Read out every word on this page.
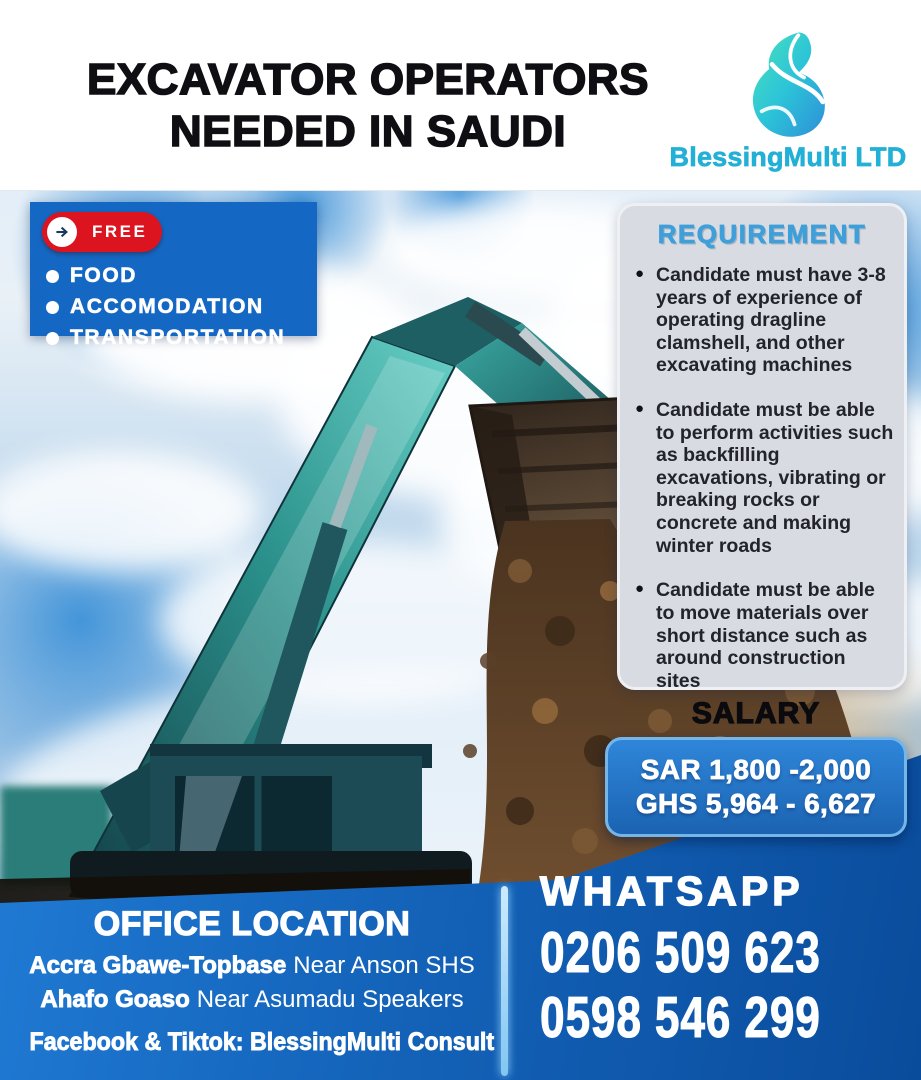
EXCAVATOR OPERATORS
NEEDED IN SAUDI
BlessingMulti LTD
FREE
FOOD
ACCOMODATION
TRANSPORTATION
REQUIREMENT
● Candidate must have 3-8 years of experience of operating dragline clamshell, and other excavating machines
● Candidate must be able to perform activities such as backfilling excavations, vibrating or breaking rocks or concrete and making winter roads
● Candidate must be able to move materials over short distance such as around construction sites
SALARY
SAR 1,800 -2,000
GHS 5,964 - 6,627
OFFICE LOCATION
Accra Gbawe-Topbase Near Anson SHS
Ahafo Goaso Near Asumadu Speakers
Facebook & Tiktok: BlessingMulti Consult
WHATSAPP
0206 509 623
0598 546 299
